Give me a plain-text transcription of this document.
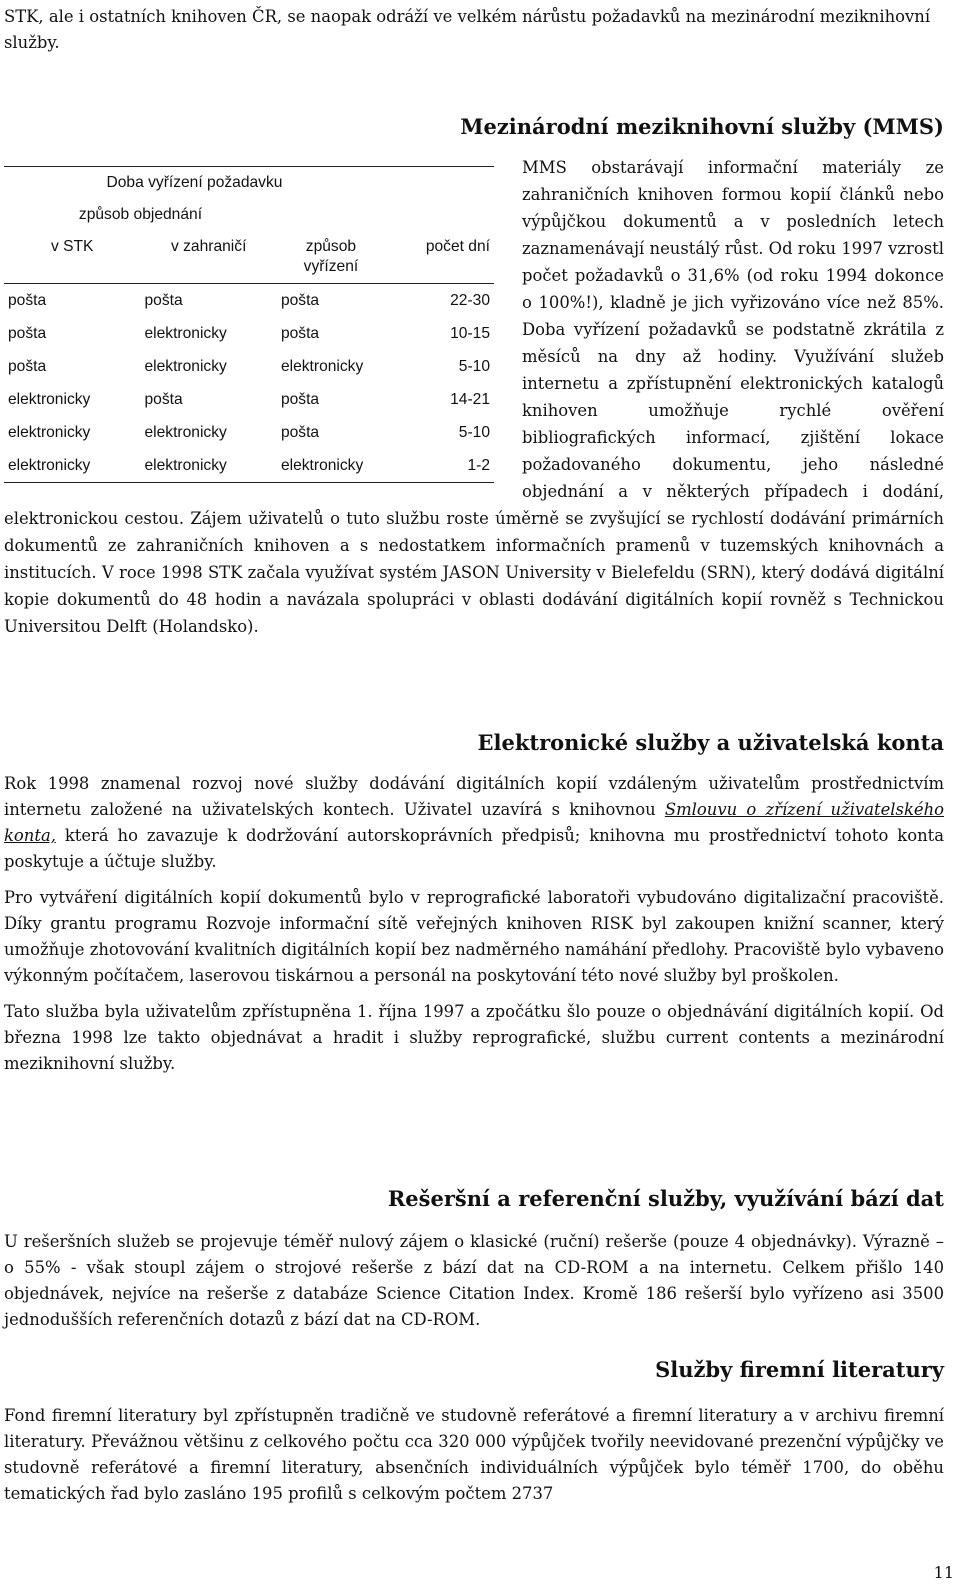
STK, ale i ostatních knihoven ČR, se naopak odráží ve velkém nárůstu požadavků na mezinárodní meziknihovní služby.

Mezinárodní meziknihovní služby (MMS)
Doba vyřízení požadavku			
způsob objednání			
v STK	v zahraničí	způsob vyřízení	počet dní
pošta	pošta	pošta	22-30
pošta	elektronicky	pošta	10-15
pošta	elektronicky	elektronicky	5-10
elektronicky	pošta	pošta	14-21
elektronicky	elektronicky	pošta	5-10
elektronicky	elektronicky	elektronicky	1-2

MMS obstarávají informační materiály ze zahraničních knihoven formou kopií článků nebo výpůjčkou dokumentů a v posledních letech zaznamenávají neustálý růst. Od roku 1997 vzrostl počet požadavků o 31,6% (od roku 1994 dokonce o 100%!), kladně je jich vyřizováno více než 85%. Doba vyřízení požadavků se podstatně zkrátila z měsíců na dny až hodiny. Využívání služeb internetu a zpřístupnění elektronických katalogů knihoven umožňuje rychlé ověření bibliografických informací, zjištění lokace požadovaného dokumentu, jeho následné objednání a v některých případech i dodání, elektronickou cestou. Zájem uživatelů o tuto službu roste úměrně se zvyšující se rychlostí dodávání primárních dokumentů ze zahraničních knihoven a s nedostatkem informačních pramenů v tuzemských knihovnách a institucích. V roce 1998 STK začala využívat systém JASON University v Bielefeldu (SRN), který dodává digitální kopie dokumentů do 48 hodin a navázala spolupráci v oblasti dodávání digitálních kopií rovněž s Technickou Universitou Delft (Holandsko).

Elektronické služby a uživatelská konta

Rok 1998 znamenal rozvoj nové služby dodávání digitálních kopií vzdáleným uživatelům prostřednictvím internetu založené na uživatelských kontech. Uživatel uzavírá s knihovnou Smlouvu o zřízení uživatelského konta, která ho zavazuje k dodržování autorskoprávních předpisů; knihovna mu prostřednictví tohoto konta poskytuje a účtuje služby.

Pro vytváření digitálních kopií dokumentů bylo v reprografické laboratoři vybudováno digitalizační pracoviště. Díky grantu programu Rozvoje informační sítě veřejných knihoven RISK byl zakoupen knižní scanner, který umožňuje zhotovování kvalitních digitálních kopií bez nadměrného namáhání předlohy. Pracoviště bylo vybaveno výkonným počítačem, laserovou tiskárnou a personál na poskytování této nové služby byl proškolen.

Tato služba byla uživatelům zpřístupněna 1. října 1997 a zpočátku šlo pouze o objednávání digitálních kopií. Od března 1998 lze takto objednávat a hradit i služby reprografické, službu current contents a mezinárodní meziknihovní služby.

Rešeršní a referenční služby, využívání bází dat

U rešeršních služeb se projevuje téměř nulový zájem o klasické (ruční) rešerše (pouze 4 objednávky). Výrazně – o 55% - však stoupl zájem o strojové rešerše z bází dat na CD-ROM a na internetu. Celkem přišlo 140 objednávek, nejvíce na rešerše z databáze Science Citation Index. Kromě 186 rešerší bylo vyřízeno asi 3500 jednodušších referenčních dotazů z bází dat na CD-ROM.

Služby firemní literatury

Fond firemní literatury byl zpřístupněn tradičně ve studovně referátové a firemní literatury a v archivu firemní literatury. Převážnou většinu z celkového počtu cca 320 000 výpůjček tvořily neevidované prezenční výpůjčky ve studovně referátové a firemní literatury, absenčních individuálních výpůjček bylo téměř 1700, do oběhu tematických řad bylo zasláno 195 profilů s celkovým počtem 2737

11
